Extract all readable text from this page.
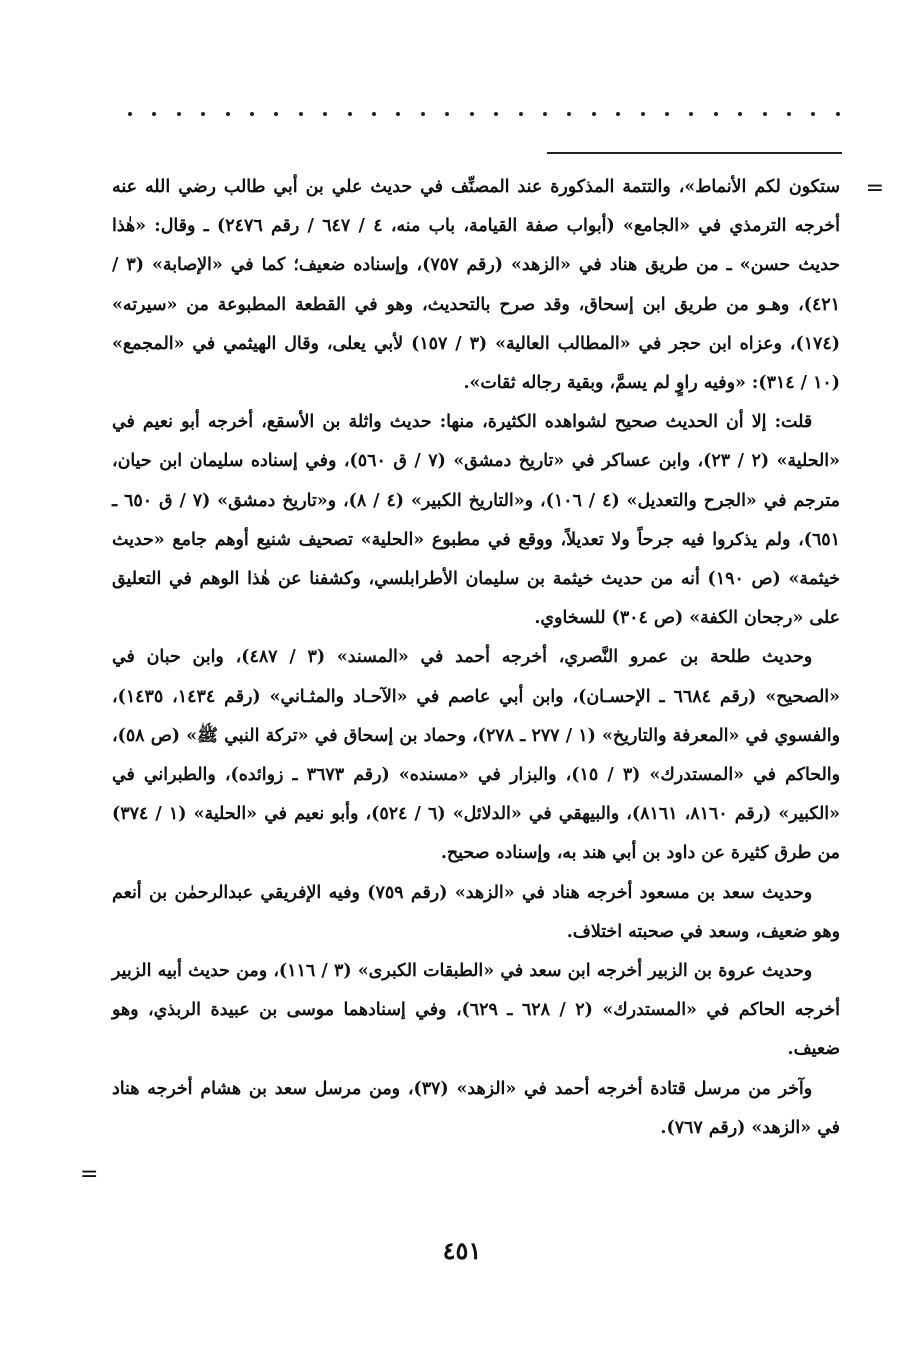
=

ستكون لكم الأنماط»، والتتمة المذكورة عند المصنِّف في حديث علي بن أبي طالب رضي الله عنه أخرجه الترمذي في «الجامع» (أبواب صفة القيامة، باب منه، ٤ / ٦٤٧ / رقم ٢٤٧٦) ـ وقال: «هٰذا حديث حسن» ـ من طريق هناد في «الزهد» (رقم ٧٥٧)، وإسناده ضعيف؛ كما في «الإصابة» (٣ / ٤٢١)، وهـو من طريق ابن إسحاق، وقد صرح بالتحديث، وهو في القطعة المطبوعة من «سيرته» (١٧٤)، وعزاه ابن حجر في «المطالب العالية» (٣ / ١٥٧) لأبي يعلى، وقال الهيثمي في «المجمع» (١٠ / ٣١٤): «وفيه راوٍ لم يسمَّ، وبقية رجاله ثقات».

قلت: إلا أن الحديث صحيح لشواهده الكثيرة، منها: حديث واثلة بن الأسقع، أخرجه أبو نعيم في «الحلية» (٢ / ٢٣)، وابن عساكر في «تاريخ دمشق» (٧ / ق ٥٦٠)، وفي إسناده سليمان ابن حيان، مترجم في «الجرح والتعديل» (٤ / ١٠٦)، و«التاريخ الكبير» (٤ / ٨)، و«تاريخ دمشق» (٧ / ق ٦٥٠ ـ ٦٥١)، ولم يذكروا فيه جرحاً ولا تعديلاً، ووقع في مطبوع «الحلية» تصحيف شنيع أوهم جامع «حديث خيثمة» (ص ١٩٠) أنه من حديث خيثمة بن سليمان الأطرابلسي، وكشفنا عن هٰذا الوهم في التعليق على «رجحان الكفة» (ص ٣٠٤) للسخاوي.

وحديث طلحة بن عمرو النَّصري، أخرجه أحمد في «المسند» (٣ / ٤٨٧)، وابن حبان في «الصحيح» (رقم ٦٦٨٤ ـ الإحسـان)، وابن أبي عاصم في «الآحـاد والمثـاني» (رقم ١٤٣٤، ١٤٣٥)، والفسوي في «المعرفة والتاريخ» (١ / ٢٧٧ ـ ٢٧٨)، وحماد بن إسحاق في «تركة النبي ﷺ» (ص ٥٨)، والحاكم في «المستدرك» (٣ / ١٥)، والبزار في «مسنده» (رقم ٣٦٧٣ ـ زوائده)، والطبراني في «الكبير» (رقم ٨١٦٠، ٨١٦١)، والبيهقي في «الدلائل» (٦ / ٥٢٤)، وأبو نعيم في «الحلية» (١ / ٣٧٤) من طرق كثيرة عن داود بن أبي هند به، وإسناده صحيح.

وحديث سعد بن مسعود أخرجه هناد في «الزهد» (رقم ٧٥٩) وفيه الإفريقي عبدالرحمٰن بن أنعم وهو ضعيف، وسعد في صحبته اختلاف.

وحديث عروة بن الزبير أخرجه ابن سعد في «الطبقات الكبرى» (٣ / ١١٦)، ومن حديث أبيه الزبير أخرجه الحاكم في «المستدرك» (٢ / ٦٢٨ ـ ٦٢٩)، وفي إسنادهما موسى بن عبيدة الربذي، وهو ضعيف.

وآخر من مرسل قتادة أخرجه أحمد في «الزهد» (٣٧)، ومن مرسل سعد بن هشام أخرجه هناد في «الزهد» (رقم ٧٦٧).

=
٤٥١
